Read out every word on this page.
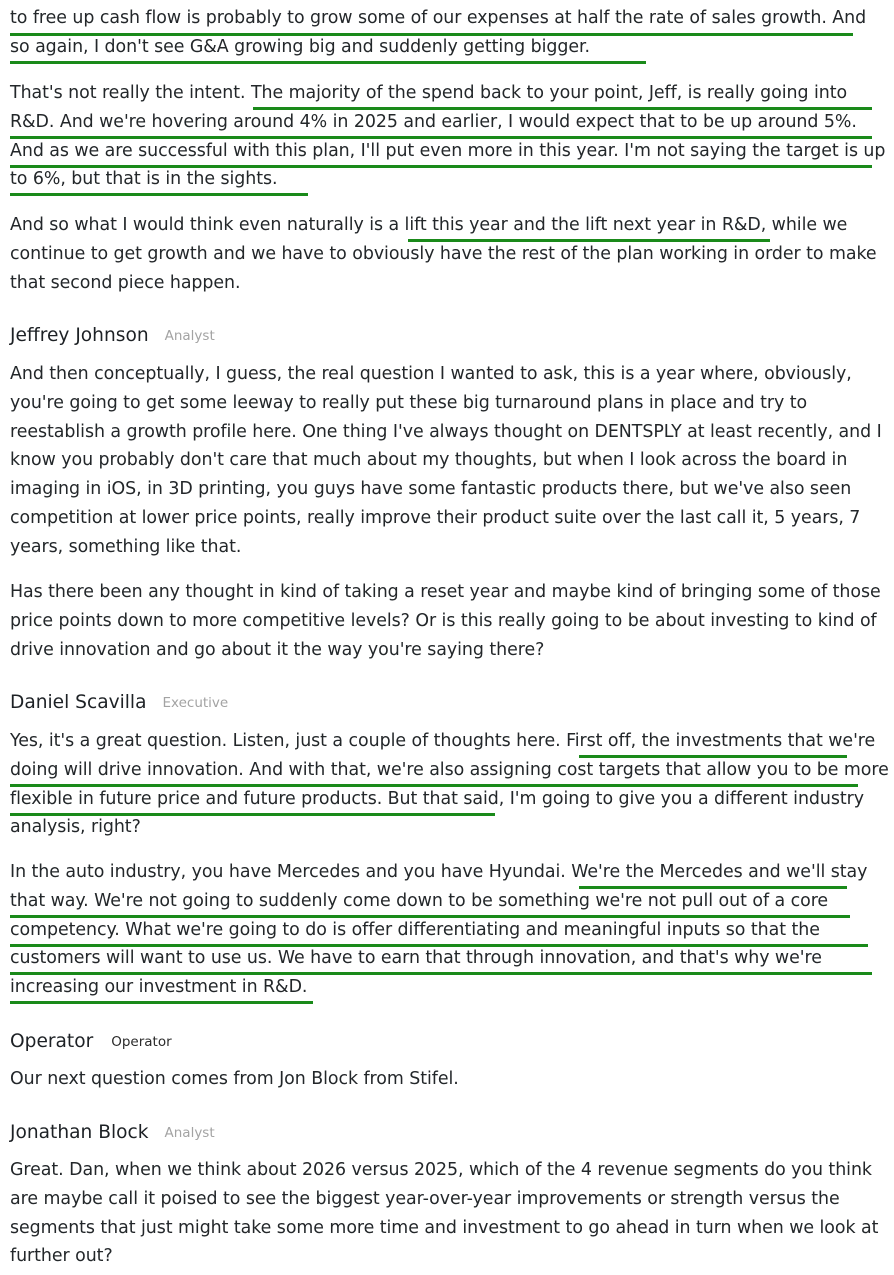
to free up cash flow is probably to grow some of our expenses at half the rate of sales growth. And so again, I don't see G&A growing big and suddenly getting bigger.

That's not really the intent. The majority of the spend back to your point, Jeff, is really going into R&D. And we're hovering around 4% in 2025 and earlier, I would expect that to be up around 5%. And as we are successful with this plan, I'll put even more in this year. I'm not saying the target is up to 6%, but that is in the sights.

And so what I would think even naturally is a lift this year and the lift next year in R&D, while we continue to get growth and we have to obviously have the rest of the plan working in order to make that second piece happen.

Jeffrey Johnson Analyst

And then conceptually, I guess, the real question I wanted to ask, this is a year where, obviously, you're going to get some leeway to really put these big turnaround plans in place and try to reestablish a growth profile here. One thing I've always thought on DENTSPLY at least recently, and I know you probably don't care that much about my thoughts, but when I look across the board in imaging in iOS, in 3D printing, you guys have some fantastic products there, but we've also seen competition at lower price points, really improve their product suite over the last call it, 5 years, 7 years, something like that.

Has there been any thought in kind of taking a reset year and maybe kind of bringing some of those price points down to more competitive levels? Or is this really going to be about investing to kind of drive innovation and go about it the way you're saying there?

Daniel Scavilla Executive

Yes, it's a great question. Listen, just a couple of thoughts here. First off, the investments that we're doing will drive innovation. And with that, we're also assigning cost targets that allow you to be more flexible in future price and future products. But that said, I'm going to give you a different industry analysis, right?

In the auto industry, you have Mercedes and you have Hyundai. We're the Mercedes and we'll stay that way. We're not going to suddenly come down to be something we're not pull out of a core competency. What we're going to do is offer differentiating and meaningful inputs so that the customers will want to use us. We have to earn that through innovation, and that's why we're increasing our investment in R&D.

Operator Operator

Our next question comes from Jon Block from Stifel.

Jonathan Block Analyst

Great. Dan, when we think about 2026 versus 2025, which of the 4 revenue segments do you think are maybe call it poised to see the biggest year-over-year improvements or strength versus the segments that just might take some more time and investment to go ahead in turn when we look at further out?
